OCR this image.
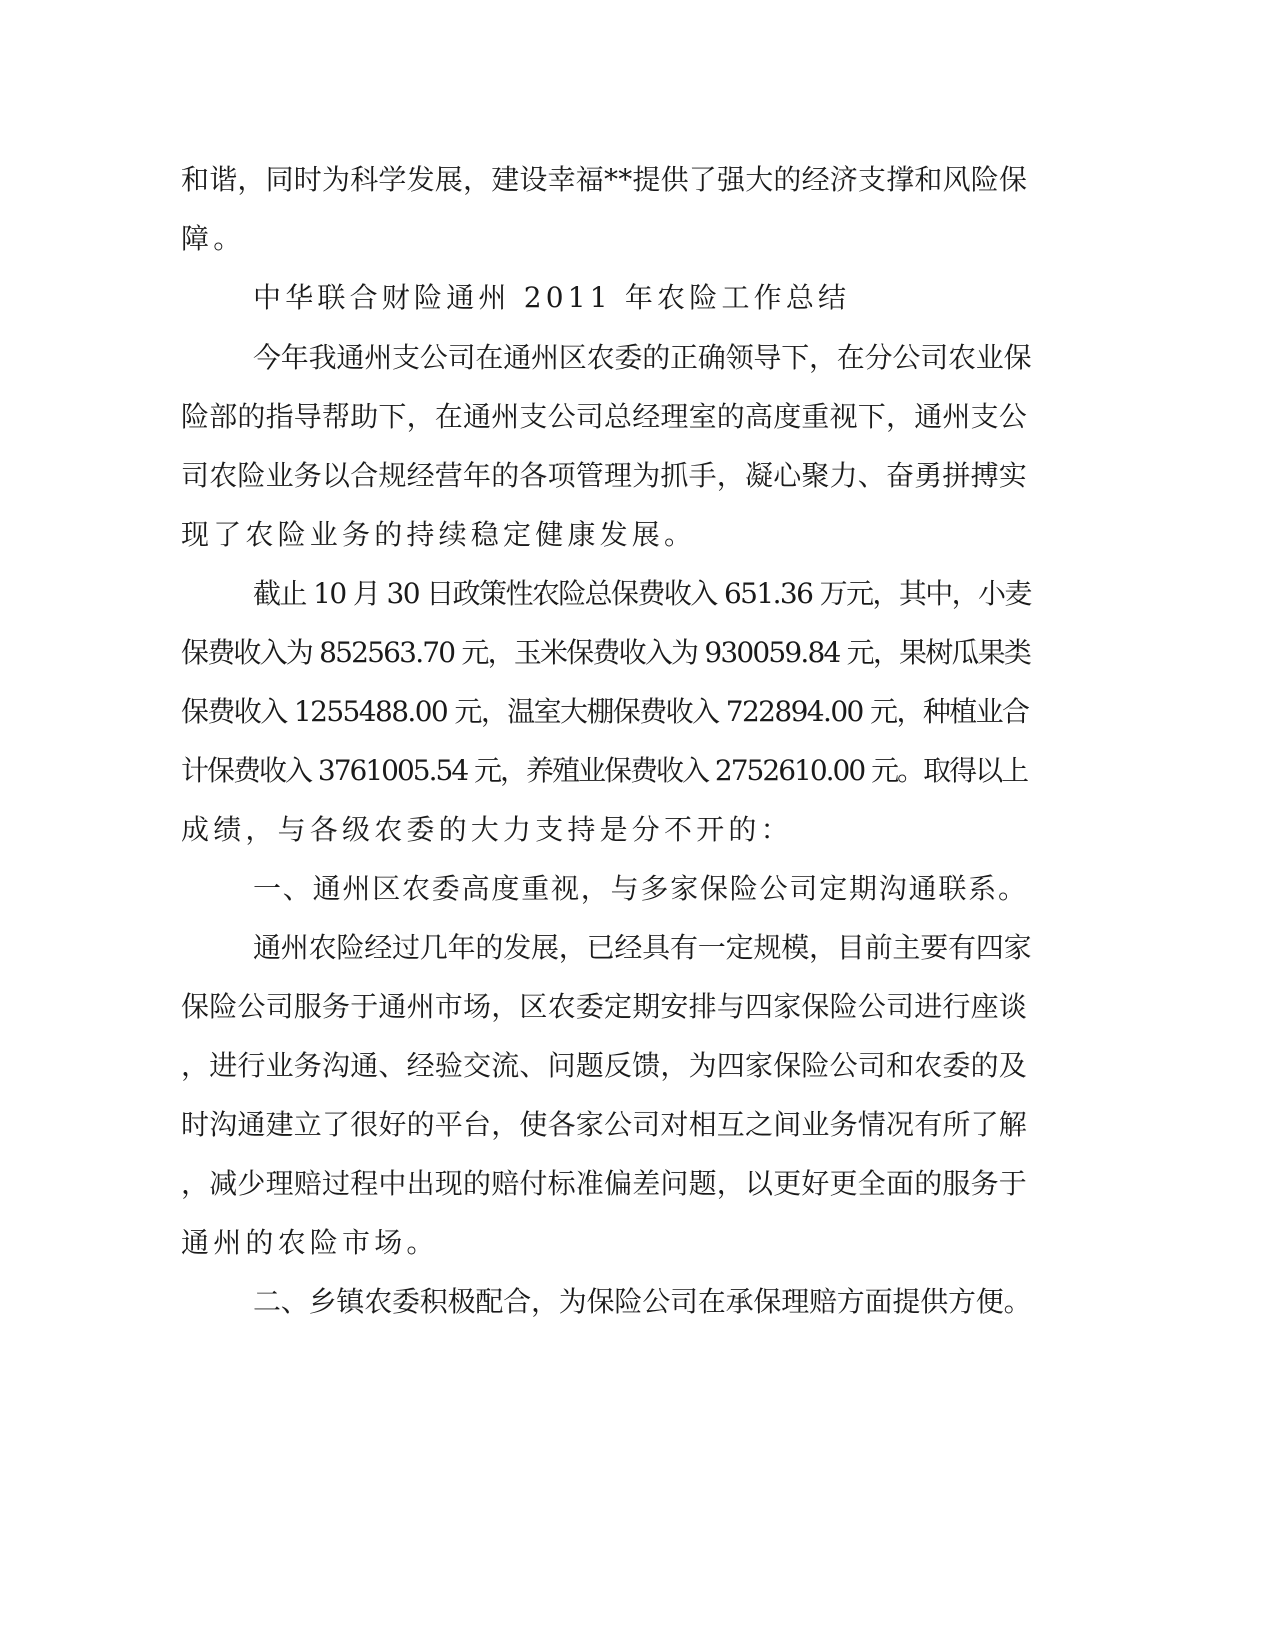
和谐，同时为科学发展，建设幸福**提供了强大的经济支撑和风险保
障。
中华联合财险通州 2011 年农险工作总结
今年我通州支公司在通州区农委的正确领导下，在分公司农业保
险部的指导帮助下，在通州支公司总经理室的高度重视下，通州支公
司农险业务以合规经营年的各项管理为抓手，凝心聚力、奋勇拼搏实
现了农险业务的持续稳定健康发展。
截止 10 月 30 日政策性农险总保费收入 651.36 万元，其中，小麦
保费收入为 852563.70 元，玉米保费收入为 930059.84 元，果树瓜果类
保费收入 1255488.00 元，温室大棚保费收入 722894.00 元，种植业合
计保费收入 3761005.54 元，养殖业保费收入 2752610.00 元。取得以上
成绩，与各级农委的大力支持是分不开的：
一、通州区农委高度重视，与多家保险公司定期沟通联系。
通州农险经过几年的发展，已经具有一定规模，目前主要有四家
保险公司服务于通州市场，区农委定期安排与四家保险公司进行座谈
，进行业务沟通、经验交流、问题反馈，为四家保险公司和农委的及
时沟通建立了很好的平台，使各家公司对相互之间业务情况有所了解
，减少理赔过程中出现的赔付标准偏差问题，以更好更全面的服务于
通州的农险市场。
二、乡镇农委积极配合，为保险公司在承保理赔方面提供方便。
